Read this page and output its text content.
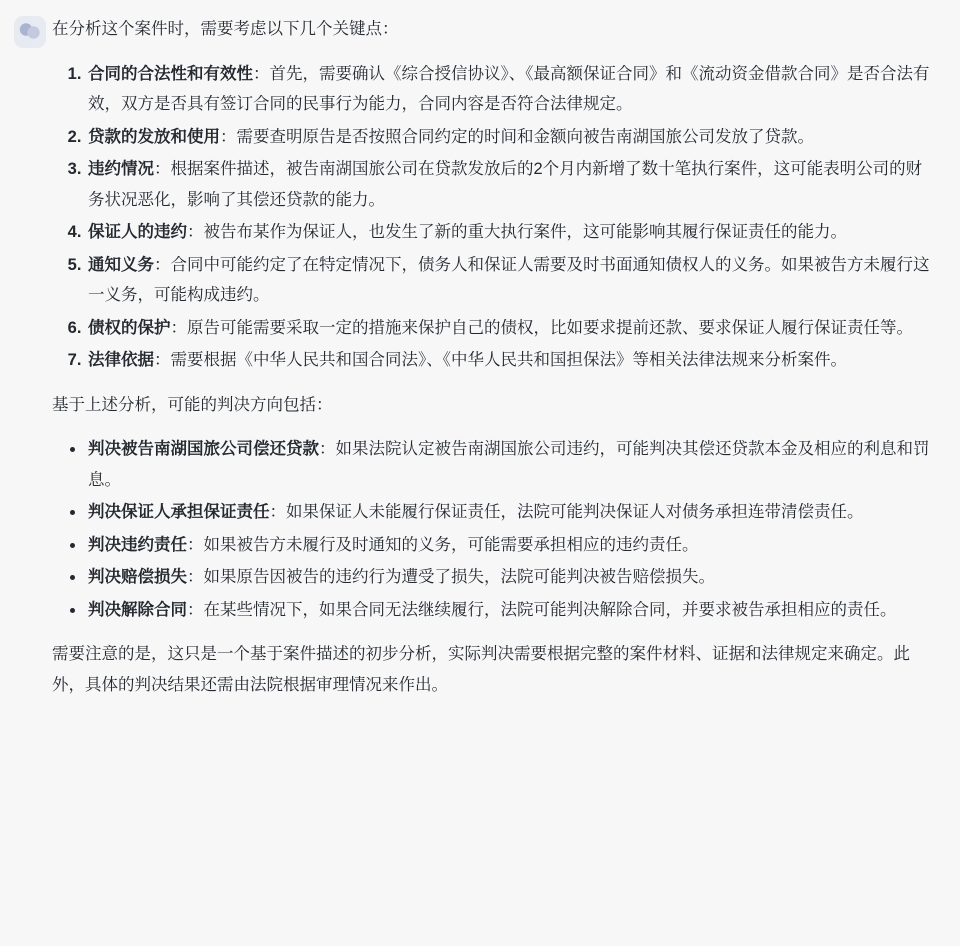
在分析这个案件时，需要考虑以下几个关键点：

1. 合同的合法性和有效性：首先，需要确认《综合授信协议》、《最高额保证合同》和《流动资金借款合同》是否合法有效，双方是否具有签订合同的民事行为能力，合同内容是否符合法律规定。
2. 贷款的发放和使用：需要查明原告是否按照合同约定的时间和金额向被告南湖国旅公司发放了贷款。
3. 违约情况：根据案件描述，被告南湖国旅公司在贷款发放后的2个月内新增了数十笔执行案件，这可能表明公司的财务状况恶化，影响了其偿还贷款的能力。
4. 保证人的违约：被告布某作为保证人，也发生了新的重大执行案件，这可能影响其履行保证责任的能力。
5. 通知义务：合同中可能约定了在特定情况下，债务人和保证人需要及时书面通知债权人的义务。如果被告方未履行这一义务，可能构成违约。
6. 债权的保护：原告可能需要采取一定的措施来保护自己的债权，比如要求提前还款、要求保证人履行保证责任等。
7. 法律依据：需要根据《中华人民共和国合同法》、《中华人民共和国担保法》等相关法律法规来分析案件。

基于上述分析，可能的判决方向包括：

• 判决被告南湖国旅公司偿还贷款：如果法院认定被告南湖国旅公司违约，可能判决其偿还贷款本金及相应的利息和罚息。
• 判决保证人承担保证责任：如果保证人未能履行保证责任，法院可能判决保证人对债务承担连带清偿责任。
• 判决违约责任：如果被告方未履行及时通知的义务，可能需要承担相应的违约责任。
• 判决赔偿损失：如果原告因被告的违约行为遭受了损失，法院可能判决被告赔偿损失。
• 判决解除合同：在某些情况下，如果合同无法继续履行，法院可能判决解除合同，并要求被告承担相应的责任。

需要注意的是，这只是一个基于案件描述的初步分析，实际判决需要根据完整的案件材料、证据和法律规定来确定。此外，具体的判决结果还需由法院根据审理情况来作出。
